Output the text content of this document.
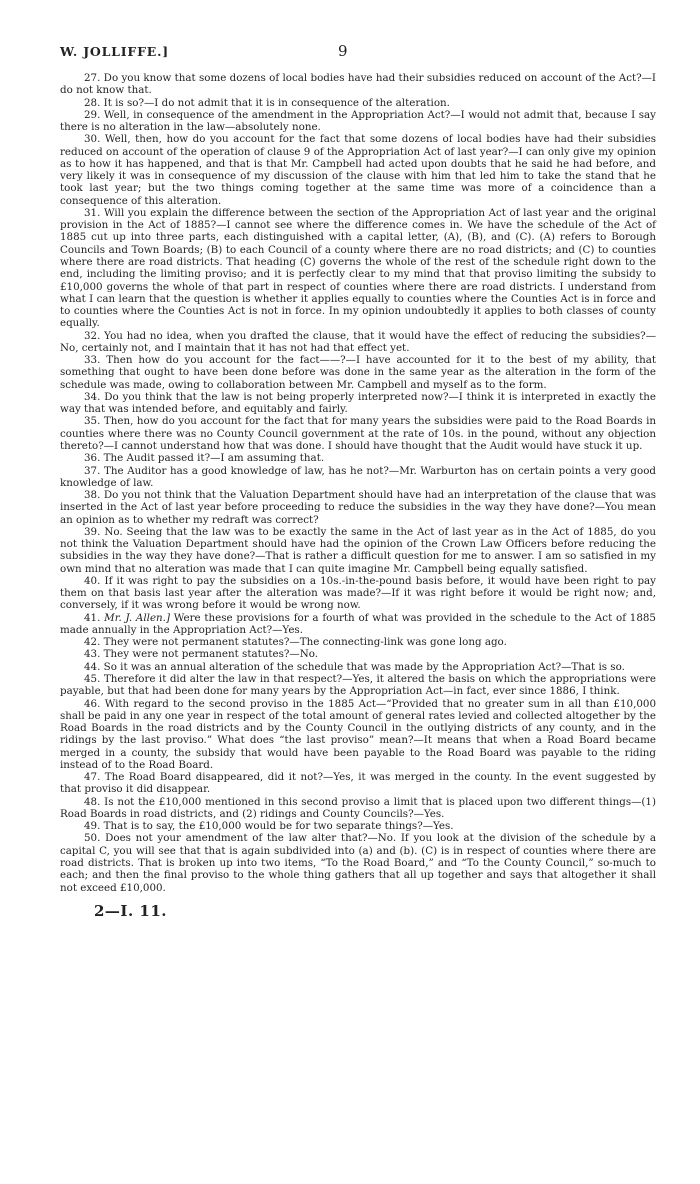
W. JOLLIFFE.]	9

27. Do you know that some dozens of local bodies have had their subsidies reduced on account of the Act?—I do not know that.

28. It is so?—I do not admit that it is in consequence of the alteration.

29. Well, in consequence of the amendment in the Appropriation Act?—I would not admit that, because I say there is no alteration in the law—absolutely none.

30. Well, then, how do you account for the fact that some dozens of local bodies have had their subsidies reduced on account of the operation of clause 9 of the Appropriation Act of last year?—I can only give my opinion as to how it has happened, and that is that Mr. Campbell had acted upon doubts that he said he had before, and very likely it was in consequence of my discussion of the clause with him that led him to take the stand that he took last year; but the two things coming together at the same time was more of a coincidence than a consequence of this alteration.

31. Will you explain the difference between the section of the Appropriation Act of last year and the original provision in the Act of 1885?—I cannot see where the difference comes in. We have the schedule of the Act of 1885 cut up into three parts, each distinguished with a capital letter, (A), (B), and (C). (A) refers to Borough Councils and Town Boards; (B) to each Council of a county where there are no road districts; and (C) to counties where there are road districts. That heading (C) governs the whole of the rest of the schedule right down to the end, including the limiting proviso; and it is perfectly clear to my mind that that proviso limiting the subsidy to £10,000 governs the whole of that part in respect of counties where there are road districts. I understand from what I can learn that the question is whether it applies equally to counties where the Counties Act is in force and to counties where the Counties Act is not in force. In my opinion undoubtedly it applies to both classes of county equally.

32. You had no idea, when you drafted the clause, that it would have the effect of reducing the subsidies?—No, certainly not, and I maintain that it has not had that effect yet.

33. Then how do you account for the fact——?—I have accounted for it to the best of my ability, that something that ought to have been done before was done in the same year as the alteration in the form of the schedule was made, owing to collaboration between Mr. Campbell and myself as to the form.

34. Do you think that the law is not being properly interpreted now?—I think it is interpreted in exactly the way that was intended before, and equitably and fairly.

35. Then, how do you account for the fact that for many years the subsidies were paid to the Road Boards in counties where there was no County Council government at the rate of 10s. in the pound, without any objection thereto?—I cannot understand how that was done. I should have thought that the Audit would have stuck it up.

36. The Audit passed it?—I am assuming that.

37. The Auditor has a good knowledge of law, has he not?—Mr. Warburton has on certain points a very good knowledge of law.

38. Do you not think that the Valuation Department should have had an interpretation of the clause that was inserted in the Act of last year before proceeding to reduce the subsidies in the way they have done?—You mean an opinion as to whether my redraft was correct?

39. No. Seeing that the law was to be exactly the same in the Act of last year as in the Act of 1885, do you not think the Valuation Department should have had the opinion of the Crown Law Officers before reducing the subsidies in the way they have done?—That is rather a difficult question for me to answer. I am so satisfied in my own mind that no alteration was made that I can quite imagine Mr. Campbell being equally satisfied.

40. If it was right to pay the subsidies on a 10s.-in-the-pound basis before, it would have been right to pay them on that basis last year after the alteration was made?—If it was right before it would be right now; and, conversely, if it was wrong before it would be wrong now.

41. Mr. J. Allen.] Were these provisions for a fourth of what was provided in the schedule to the Act of 1885 made annually in the Appropriation Act?—Yes.

42. They were not permanent statutes?—The connecting-link was gone long ago.

43. They were not permanent statutes?—No.

44. So it was an annual alteration of the schedule that was made by the Appropriation Act?—That is so.

45. Therefore it did alter the law in that respect?—Yes, it altered the basis on which the appropriations were payable, but that had been done for many years by the Appropriation Act—in fact, ever since 1886, I think.

46. With regard to the second proviso in the 1885 Act—“Provided that no greater sum in all than £10,000 shall be paid in any one year in respect of the total amount of general rates levied and collected altogether by the Road Boards in the road districts and by the County Council in the outlying districts of any county, and in the ridings by the last proviso.” What does “the last proviso” mean?—It means that when a Road Board became merged in a county, the subsidy that would have been payable to the Road Board was payable to the riding instead of to the Road Board.

47. The Road Board disappeared, did it not?—Yes, it was merged in the county. In the event suggested by that proviso it did disappear.

48. Is not the £10,000 mentioned in this second proviso a limit that is placed upon two different things—(1) Road Boards in road districts, and (2) ridings and County Councils?—Yes.

49. That is to say, the £10,000 would be for two separate things?—Yes.

50. Does not your amendment of the law alter that?—No. If you look at the division of the schedule by a capital C, you will see that that is again subdivided into (a) and (b). (C) is in respect of counties where there are road districts. That is broken up into two items, “To the Road Board,” and “To the County Council,” so-much to each; and then the final proviso to the whole thing gathers that all up together and says that altogether it shall not exceed £10,000.

2—I. 11.
